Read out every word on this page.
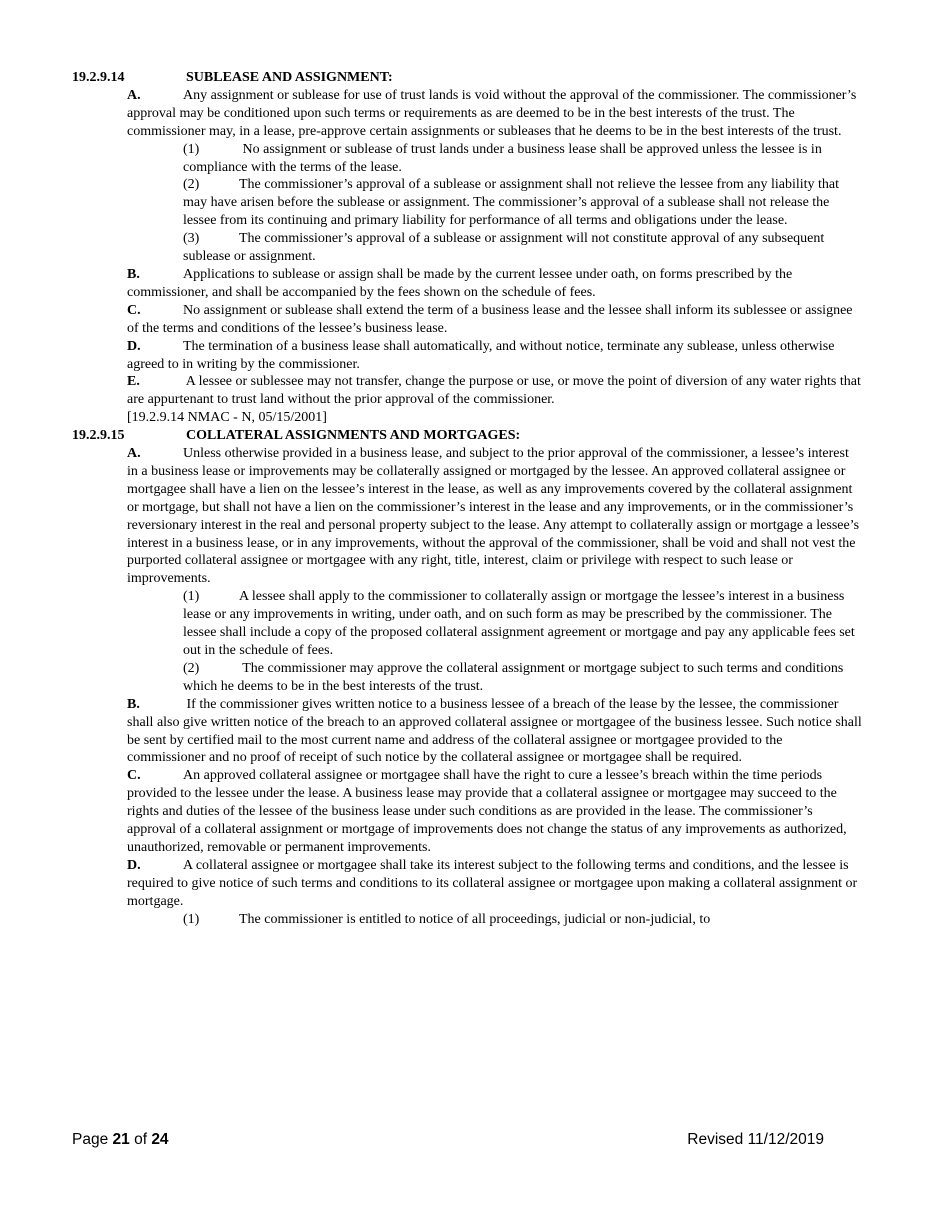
19.2.9.14	SUBLEASE AND ASSIGNMENT:
A.	Any assignment or sublease for use of trust lands is void without the approval of the commissioner. The commissioner’s approval may be conditioned upon such terms or requirements as are deemed to be in the best interests of the trust. The commissioner may, in a lease, pre-approve certain assignments or subleases that he deems to be in the best interests of the trust.
(1)	No assignment or sublease of trust lands under a business lease shall be approved unless the lessee is in compliance with the terms of the lease.
(2)	The commissioner’s approval of a sublease or assignment shall not relieve the lessee from any liability that may have arisen before the sublease or assignment. The commissioner’s approval of a sublease shall not release the lessee from its continuing and primary liability for performance of all terms and obligations under the lease.
(3)	The commissioner’s approval of a sublease or assignment will not constitute approval of any subsequent sublease or assignment.
B.	Applications to sublease or assign shall be made by the current lessee under oath, on forms prescribed by the commissioner, and shall be accompanied by the fees shown on the schedule of fees.
C.	No assignment or sublease shall extend the term of a business lease and the lessee shall inform its sublessee or assignee of the terms and conditions of the lessee’s business lease.
D.	The termination of a business lease shall automatically, and without notice, terminate any sublease, unless otherwise agreed to in writing by the commissioner.
E.	A lessee or sublessee may not transfer, change the purpose or use, or move the point of diversion of any water rights that are appurtenant to trust land without the prior approval of the commissioner.
[19.2.9.14 NMAC - N, 05/15/2001]
19.2.9.15	COLLATERAL ASSIGNMENTS AND MORTGAGES:
A.	Unless otherwise provided in a business lease, and subject to the prior approval of the commissioner, a lessee’s interest in a business lease or improvements may be collaterally assigned or mortgaged by the lessee. An approved collateral assignee or mortgagee shall have a lien on the lessee’s interest in the lease, as well as any improvements covered by the collateral assignment or mortgage, but shall not have a lien on the commissioner’s interest in the lease and any improvements, or in the commissioner’s reversionary interest in the real and personal property subject to the lease. Any attempt to collaterally assign or mortgage a lessee’s interest in a business lease, or in any improvements, without the approval of the commissioner, shall be void and shall not vest the purported collateral assignee or mortgagee with any right, title, interest, claim or privilege with respect to such lease or improvements.
(1)	A lessee shall apply to the commissioner to collaterally assign or mortgage the lessee’s interest in a business lease or any improvements in writing, under oath, and on such form as may be prescribed by the commissioner. The lessee shall include a copy of the proposed collateral assignment agreement or mortgage and pay any applicable fees set out in the schedule of fees.
(2)	The commissioner may approve the collateral assignment or mortgage subject to such terms and conditions which he deems to be in the best interests of the trust.
B.	If the commissioner gives written notice to a business lessee of a breach of the lease by the lessee, the commissioner shall also give written notice of the breach to an approved collateral assignee or mortgagee of the business lessee. Such notice shall be sent by certified mail to the most current name and address of the collateral assignee or mortgagee provided to the commissioner and no proof of receipt of such notice by the collateral assignee or mortgagee shall be required.
C.	An approved collateral assignee or mortgagee shall have the right to cure a lessee’s breach within the time periods provided to the lessee under the lease. A business lease may provide that a collateral assignee or mortgagee may succeed to the rights and duties of the lessee of the business lease under such conditions as are provided in the lease. The commissioner’s approval of a collateral assignment or mortgage of improvements does not change the status of any improvements as authorized, unauthorized, removable or permanent improvements.
D.	A collateral assignee or mortgagee shall take its interest subject to the following terms and conditions, and the lessee is required to give notice of such terms and conditions to its collateral assignee or mortgagee upon making a collateral assignment or mortgage.
(1)	The commissioner is entitled to notice of all proceedings, judicial or non-judicial, to
Page 21 of 24	Revised 11/12/2019
